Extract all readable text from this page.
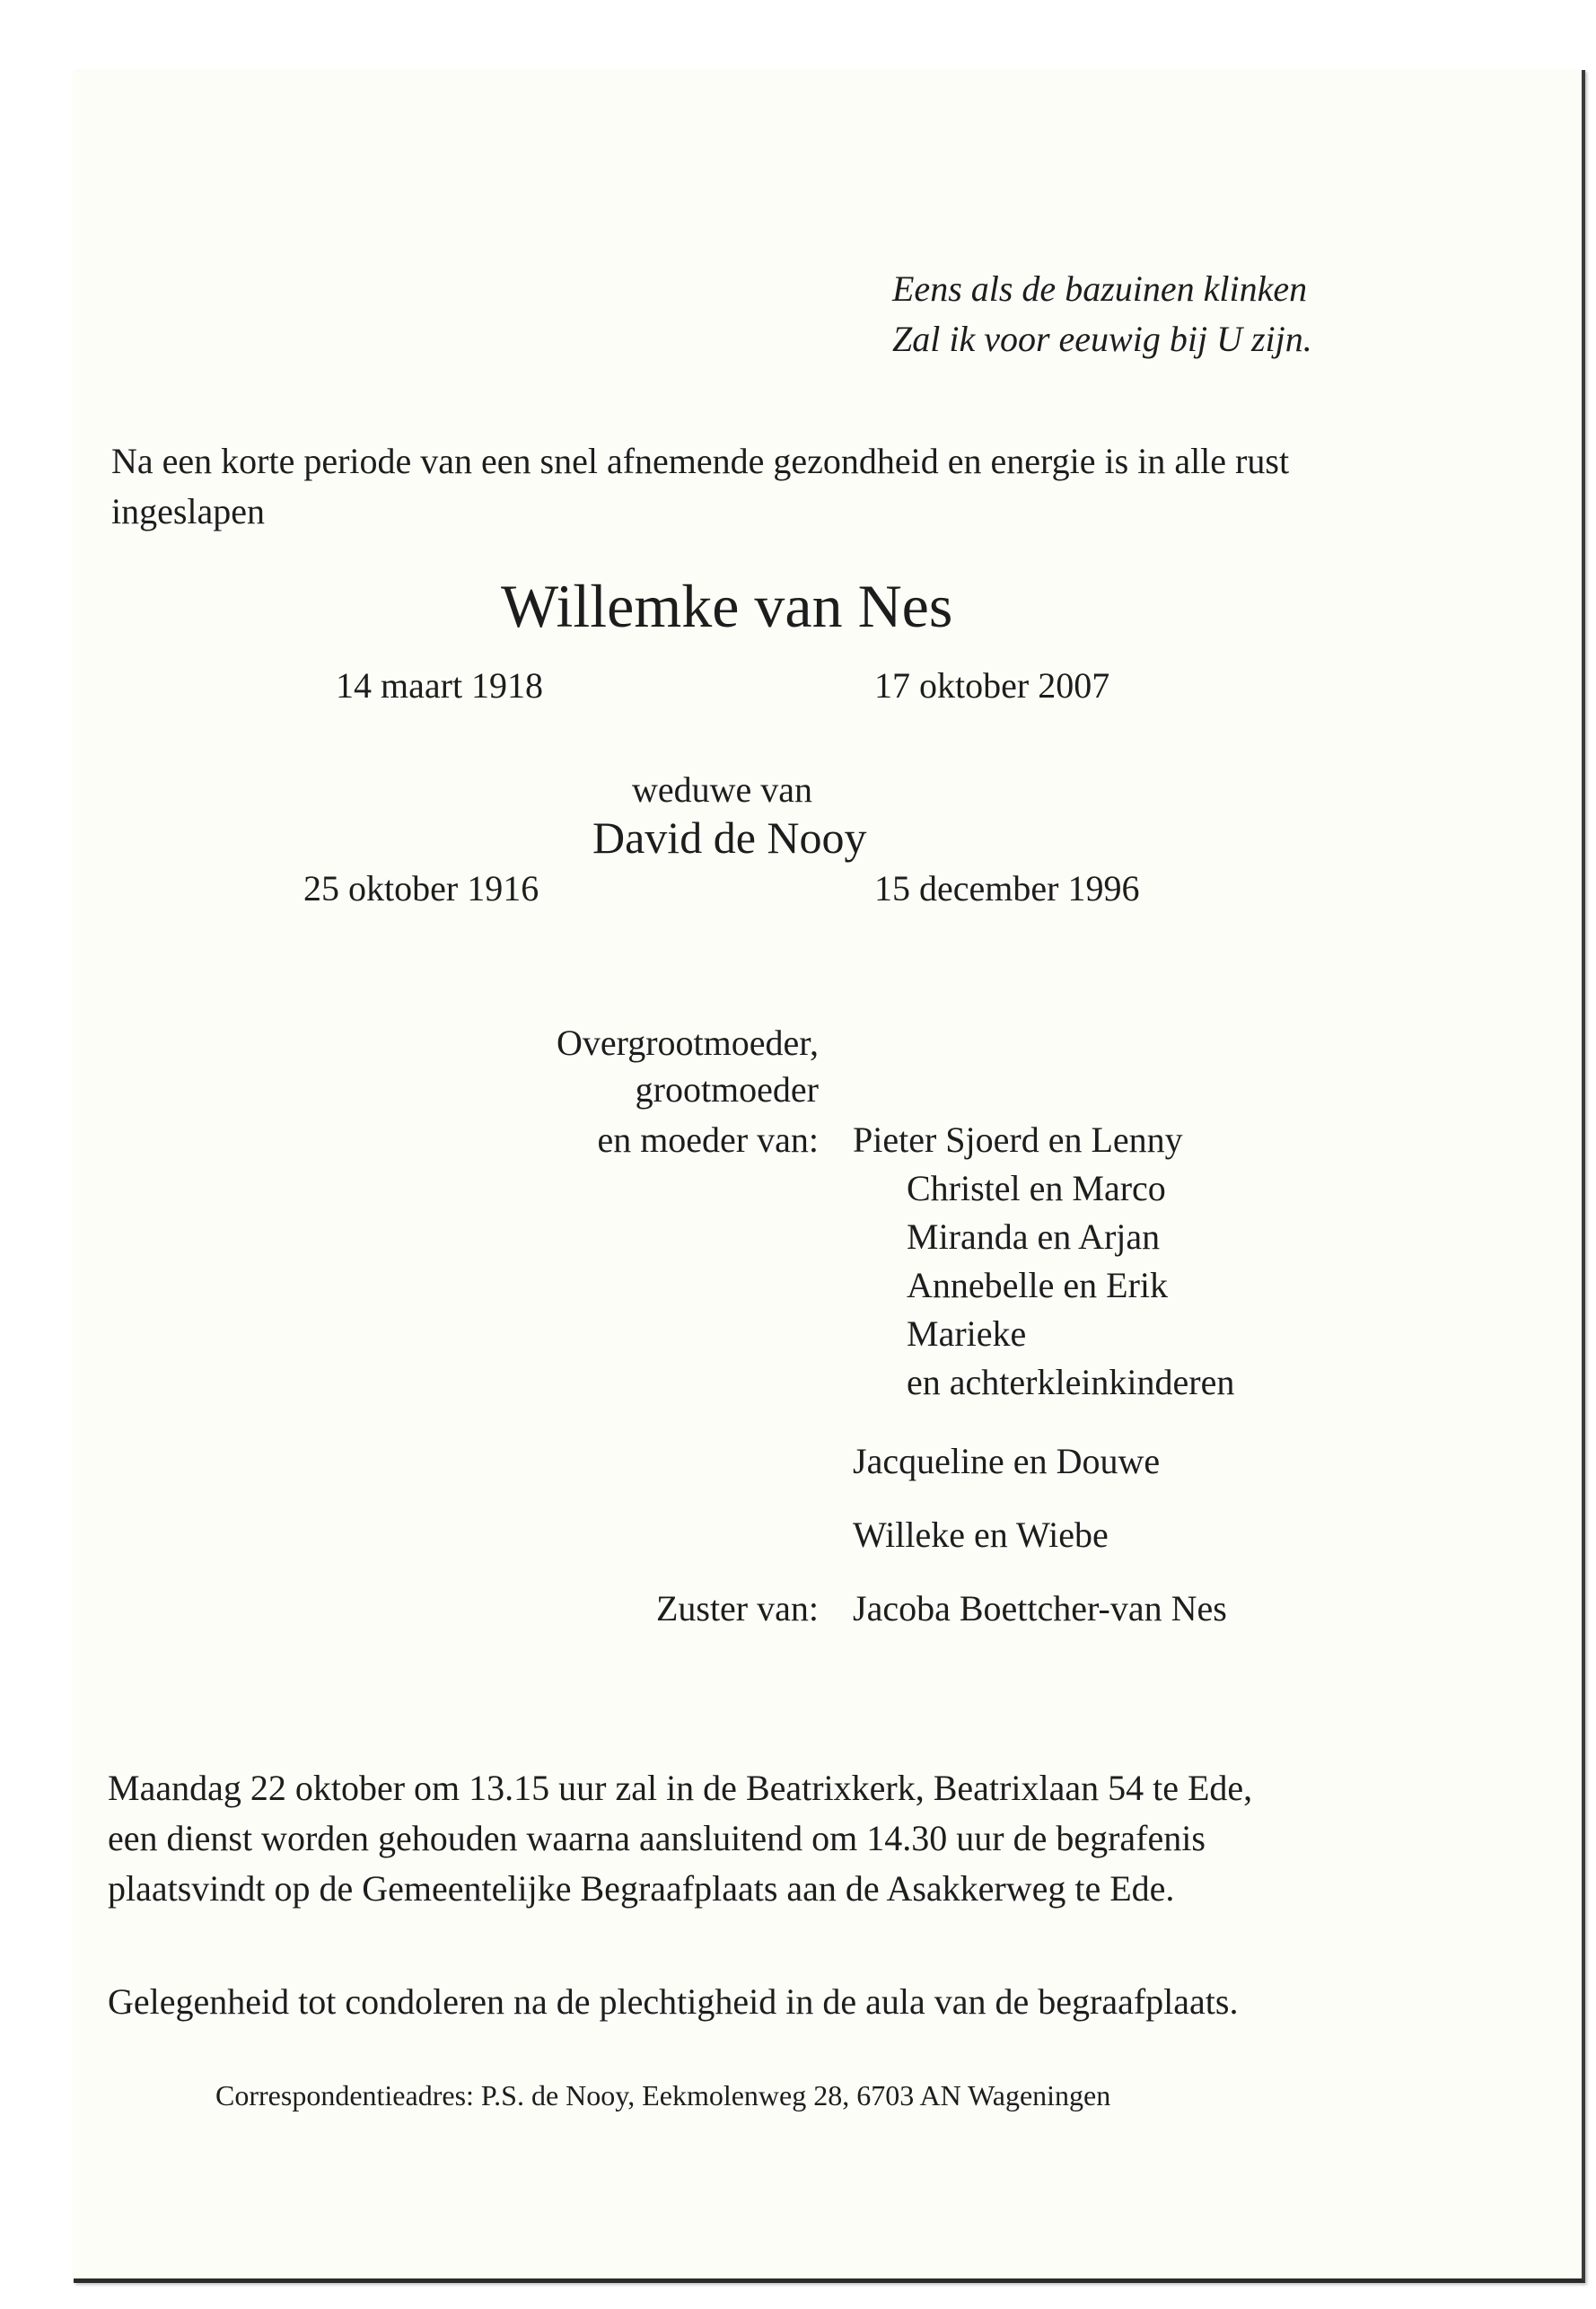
Eens als de bazuinen klinken
Zal ik voor eeuwig bij U zijn.
Na een korte periode van een snel afnemende gezondheid en energie is in alle rust ingeslapen
Willemke van Nes
14 maart 1918	17 oktober 2007
weduwe van
David de Nooy
25 oktober 1916	15 december 1996
Overgrootmoeder,
grootmoeder
en moeder van: Pieter Sjoerd en Lenny
Christel en Marco
Miranda en Arjan
Annebelle en Erik
Marieke
en achterkleinkinderen
Jacqueline en Douwe
Willeke en Wiebe
Zuster van: Jacoba Boettcher-van Nes

Maandag 22 oktober om 13.15 uur zal in de Beatrixkerk, Beatrixlaan 54 te Ede,

een dienst worden gehouden waarna aansluitend om 14.30 uur de begrafenis

plaatsvindt op de Gemeentelijke Begraafplaats aan de Asakkerweg te Ede.

Gelegenheid tot condoleren na de plechtigheid in de aula van de begraafplaats.
Correspondentieadres: P.S. de Nooy, Eekmolenweg 28, 6703 AN Wageningen
